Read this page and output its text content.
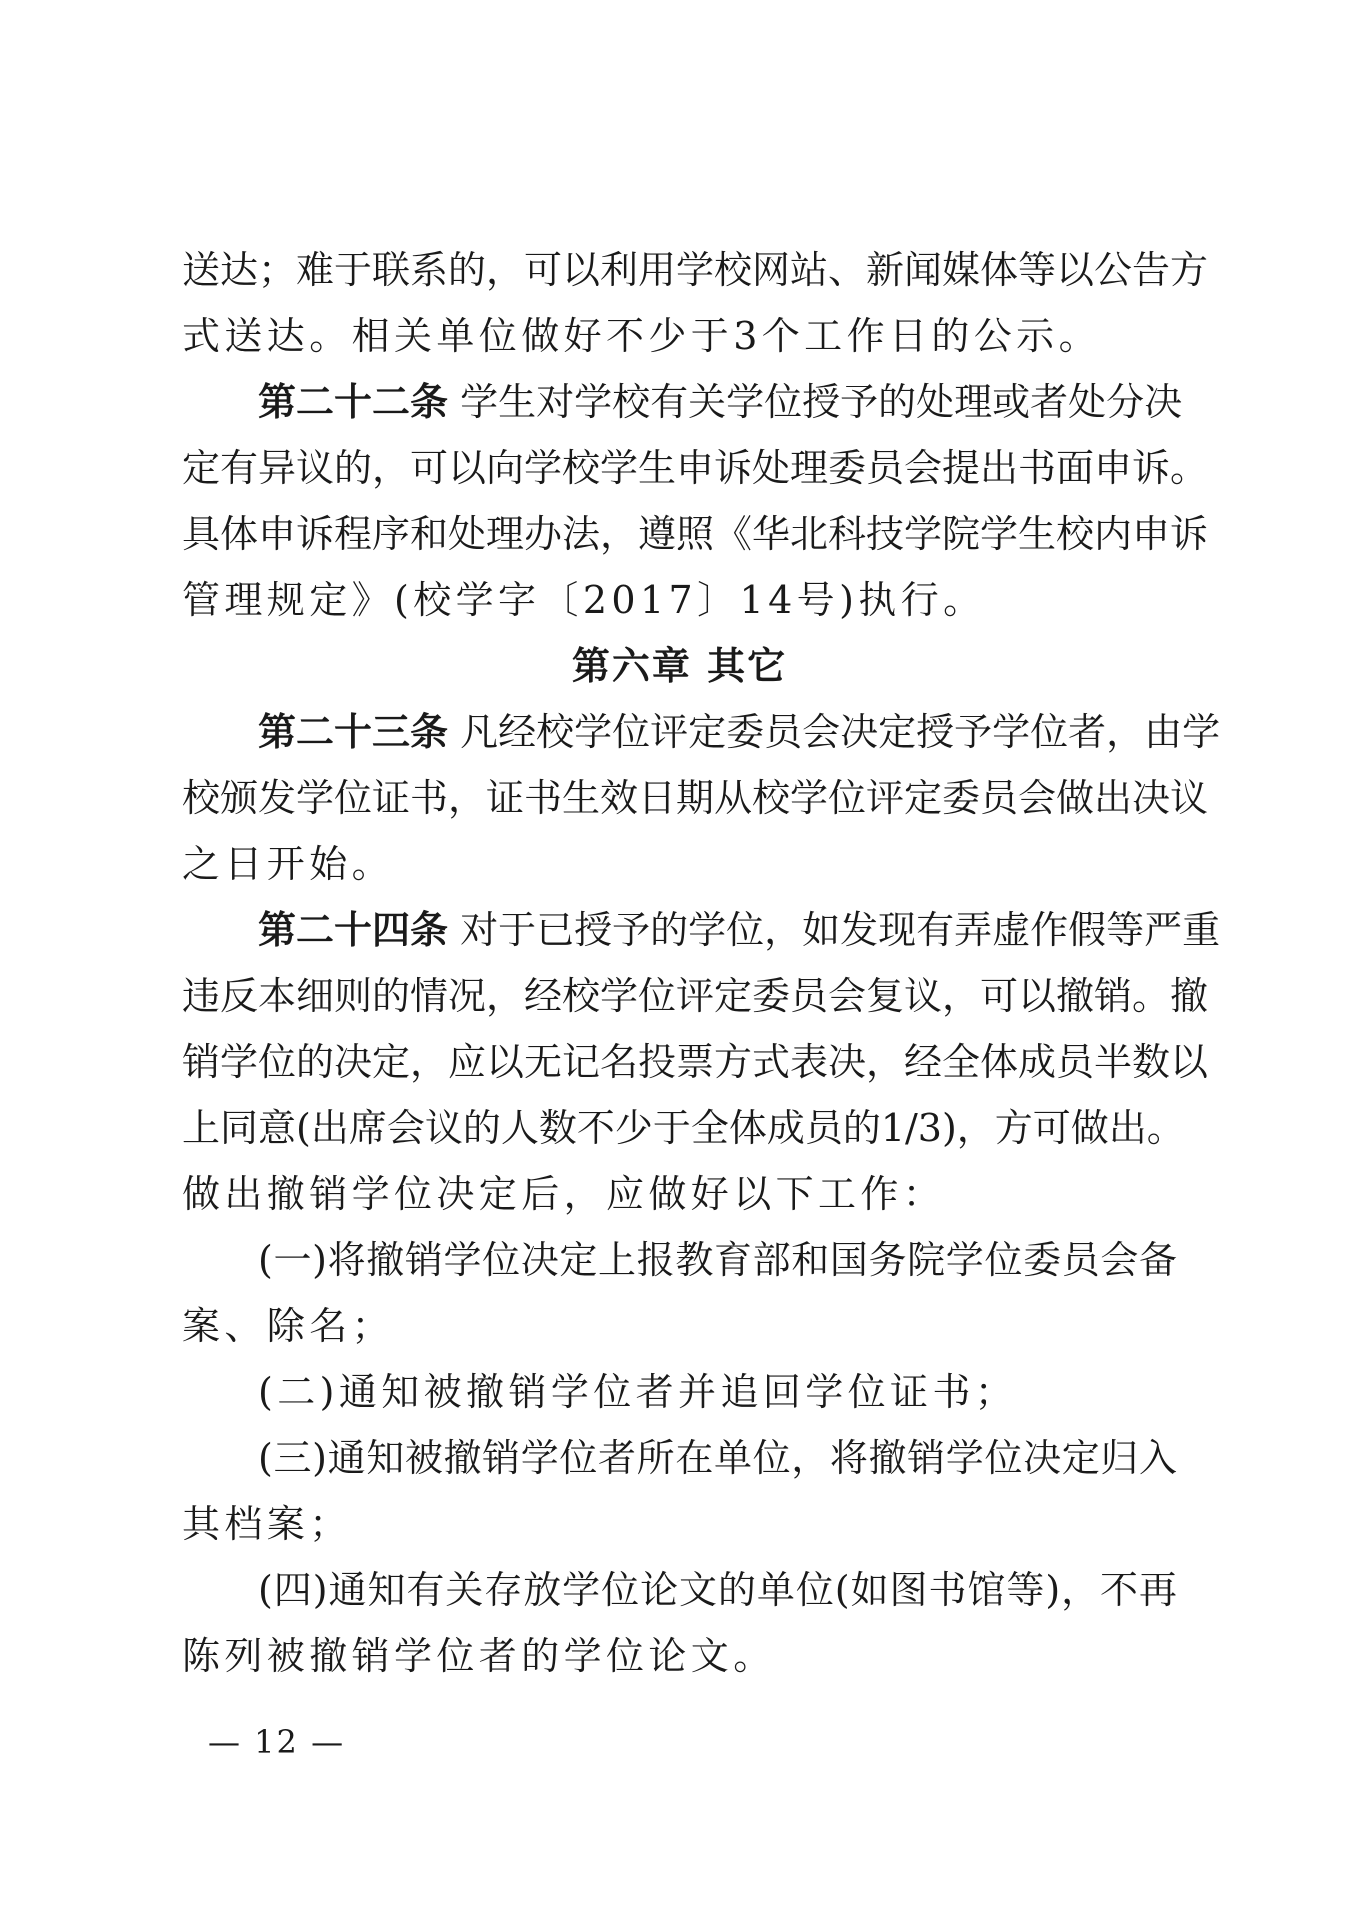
送达；难于联系的，可以利用学校网站、新闻媒体等以公告方
式送达。相关单位做好不少于3个工作日的公示。
第二十二条 学生对学校有关学位授予的处理或者处分决
定有异议的，可以向学校学生申诉处理委员会提出书面申诉。
具体申诉程序和处理办法，遵照《华北科技学院学生校内申诉
管理规定》(校学字〔2017〕14号)执行。
第六章 其它
第二十三条 凡经校学位评定委员会决定授予学位者，由学
校颁发学位证书，证书生效日期从校学位评定委员会做出决议
之日开始。
第二十四条 对于已授予的学位，如发现有弄虚作假等严重
违反本细则的情况，经校学位评定委员会复议，可以撤销。撤
销学位的决定，应以无记名投票方式表决，经全体成员半数以
上同意(出席会议的人数不少于全体成员的1/3)，方可做出。
做出撤销学位决定后，应做好以下工作：
(一)将撤销学位决定上报教育部和国务院学位委员会备
案、除名；
(二)通知被撤销学位者并追回学位证书；
(三)通知被撤销学位者所在单位，将撤销学位决定归入
其档案；
(四)通知有关存放学位论文的单位(如图书馆等)，不再
陈列被撤销学位者的学位论文。
— 12 —
